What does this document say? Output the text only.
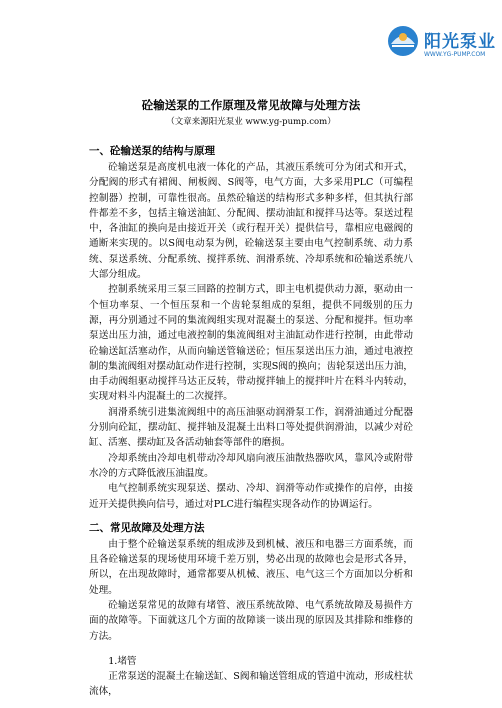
阳光泵业
WWW.YG-PUMP.COM
砼输送泵的工作原理及常见故障与处理方法
（文章来源阳光泵业 www.yg-pump.com）
一、砼输送泵的结构与原理

砼输送泵是高度机电液一体化的产品，其液压系统可分为闭式和开式，分配阀的形式有裙阀、闸板阀、S阀等，电气方面，大多采用PLC（可编程控制器）控制，可靠性很高。虽然砼输送的结构形式多种多样，但其执行部件都差不多，包括主输送油缸、分配阀、摆动油缸和搅拌马达等。泵送过程中，各油缸的换向是由接近开关（或行程开关）提供信号，靠相应电磁阀的通断来实现的。以S阀电动泵为例，砼输送泵主要由电气控制系统、动力系统、泵送系统、分配系统、搅拌系统、润滑系统、冷却系统和砼输送系统八大部分组成。

控制系统采用三泵三回路的控制方式，即主电机提供动力源，驱动由一个恒功率泵、一个恒压泵和一个齿轮泵组成的泵组，提供不同级别的压力源，再分别通过不同的集流阀组实现对混凝土的泵送、分配和搅拌。恒功率泵送出压力油，通过电液控制的集流阀组对主油缸动作进行控制，由此带动砼输送缸活塞动作，从而向输送管输送砼；恒压泵送出压力油，通过电液控制的集流阀组对摆动缸动作进行控制，实现S阀的换向；齿轮泵送出压力油，由手动阀组驱动搅拌马达正反转，带动搅拌轴上的搅拌叶片在料斗内转动，实现对料斗内混凝土的二次搅拌。

润滑系统引进集流阀组中的高压油驱动润滑泵工作，润滑油通过分配器分别向砼缸，摆动缸、搅拌轴及混凝土出料口等处提供润滑油，以减少对砼缸、活塞、摆动缸及各活动轴套等部件的磨损。

冷却系统由冷却电机带动冷却风扇向液压油散热器吹风，靠风冷或附带水冷的方式降低液压油温度。

电气控制系统实现泵送、摆动、冷却、润滑等动作或操作的启停，由接近开关提供换向信号，通过对PLC进行编程实现各动作的协调运行。

二、常见故障及处理方法

由于整个砼输送泵系统的组成涉及到机械、液压和电器三方面系统，而且各砼输送泵的现场使用环境千差万别，势必出现的故障也会是形式各异，所以，在出现故障时，通常都要从机械、液压、电气这三个方面加以分析和处理。

砼输送泵常见的故障有堵管、液压系统故障、电气系统故障及易损件方面的故障等。下面就这几个方面的故障谈一谈出现的原因及其排除和维修的方法。

1.堵管

正常泵送的混凝土在输送缸、S阀和输送管组成的管道中流动，形成柱状流体，
